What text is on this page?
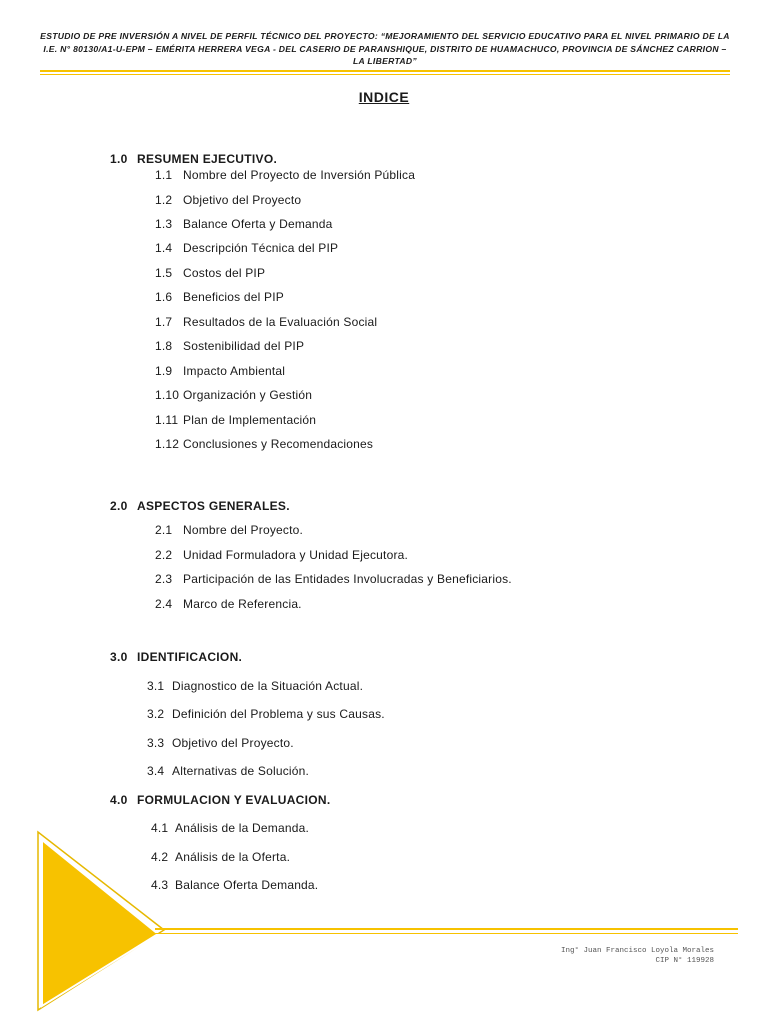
ESTUDIO DE PRE INVERSIÓN A NIVEL DE PERFIL TÉCNICO DEL PROYECTO: “MEJORAMIENTO DEL SERVICIO EDUCATIVO PARA EL NIVEL PRIMARIO DE LA I.E. N° 80130/A1-U-EPM – EMÉRITA HERRERA VEGA - DEL CASERIO DE PARANSHIQUE, DISTRITO DE HUAMACHUCO, PROVINCIA DE SÁNCHEZ CARRION – LA LIBERTAD”
INDICE
1.0 RESUMEN EJECUTIVO.
1.1 Nombre del Proyecto de Inversión Pública
1.2 Objetivo del Proyecto
1.3 Balance Oferta y Demanda
1.4 Descripción Técnica del PIP
1.5 Costos del PIP
1.6 Beneficios del PIP
1.7 Resultados de la Evaluación Social
1.8 Sostenibilidad del PIP
1.9 Impacto Ambiental
1.10 Organización y Gestión
1.11 Plan de Implementación
1.12 Conclusiones y Recomendaciones
2.0 ASPECTOS GENERALES.
2.1 Nombre del Proyecto.
2.2 Unidad Formuladora y Unidad Ejecutora.
2.3 Participación de las Entidades Involucradas y Beneficiarios.
2.4 Marco de Referencia.
3.0 IDENTIFICACION.
3.1 Diagnostico de la Situación Actual.
3.2 Definición del Problema y sus Causas.
3.3 Objetivo del Proyecto.
3.4 Alternativas de Solución.
4.0 FORMULACION Y EVALUACION.
4.1 Análisis de la Demanda.
4.2 Análisis de la Oferta.
4.3 Balance Oferta Demanda.
Ing° Juan Francisco Loyola Morales
CIP N° 119928
